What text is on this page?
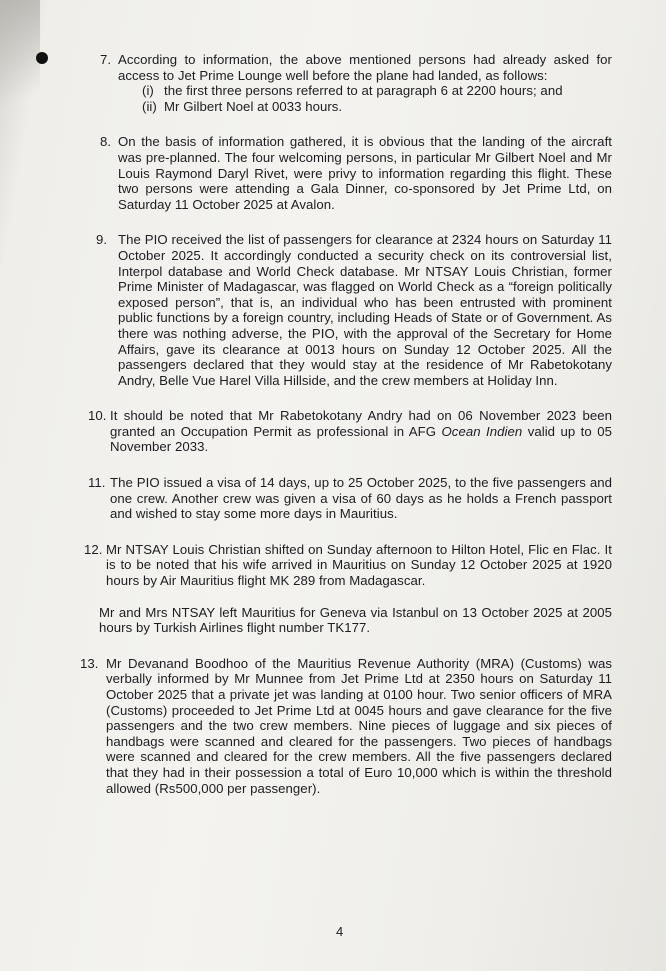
7. According to information, the above mentioned persons had already asked for access to Jet Prime Lounge well before the plane had landed, as follows:
(i) the first three persons referred to at paragraph 6 at 2200 hours; and
(ii) Mr Gilbert Noel at 0033 hours.
8. On the basis of information gathered, it is obvious that the landing of the aircraft was pre-planned. The four welcoming persons, in particular Mr Gilbert Noel and Mr Louis Raymond Daryl Rivet, were privy to information regarding this flight. These two persons were attending a Gala Dinner, co-sponsored by Jet Prime Ltd, on Saturday 11 October 2025 at Avalon.
9. The PIO received the list of passengers for clearance at 2324 hours on Saturday 11 October 2025. It accordingly conducted a security check on its controversial list, Interpol database and World Check database. Mr NTSAY Louis Christian, former Prime Minister of Madagascar, was flagged on World Check as a “foreign politically exposed person”, that is, an individual who has been entrusted with prominent public functions by a foreign country, including Heads of State or of Government. As there was nothing adverse, the PIO, with the approval of the Secretary for Home Affairs, gave its clearance at 0013 hours on Sunday 12 October 2025. All the passengers declared that they would stay at the residence of Mr Rabetokotany Andry, Belle Vue Harel Villa Hillside, and the crew members at Holiday Inn.
10. It should be noted that Mr Rabetokotany Andry had on 06 November 2023 been granted an Occupation Permit as professional in AFG Ocean Indien valid up to 05 November 2033.
11. The PIO issued a visa of 14 days, up to 25 October 2025, to the five passengers and one crew. Another crew was given a visa of 60 days as he holds a French passport and wished to stay some more days in Mauritius.
12. Mr NTSAY Louis Christian shifted on Sunday afternoon to Hilton Hotel, Flic en Flac. It is to be noted that his wife arrived in Mauritius on Sunday 12 October 2025 at 1920 hours by Air Mauritius flight MK 289 from Madagascar.
Mr and Mrs NTSAY left Mauritius for Geneva via Istanbul on 13 October 2025 at 2005 hours by Turkish Airlines flight number TK177.
13. Mr Devanand Boodhoo of the Mauritius Revenue Authority (MRA) (Customs) was verbally informed by Mr Munnee from Jet Prime Ltd at 2350 hours on Saturday 11 October 2025 that a private jet was landing at 0100 hour. Two senior officers of MRA (Customs) proceeded to Jet Prime Ltd at 0045 hours and gave clearance for the five passengers and the two crew members. Nine pieces of luggage and six pieces of handbags were scanned and cleared for the passengers. Two pieces of handbags were scanned and cleared for the crew members. All the five passengers declared that they had in their possession a total of Euro 10,000 which is within the threshold allowed (Rs500,000 per passenger).
4
